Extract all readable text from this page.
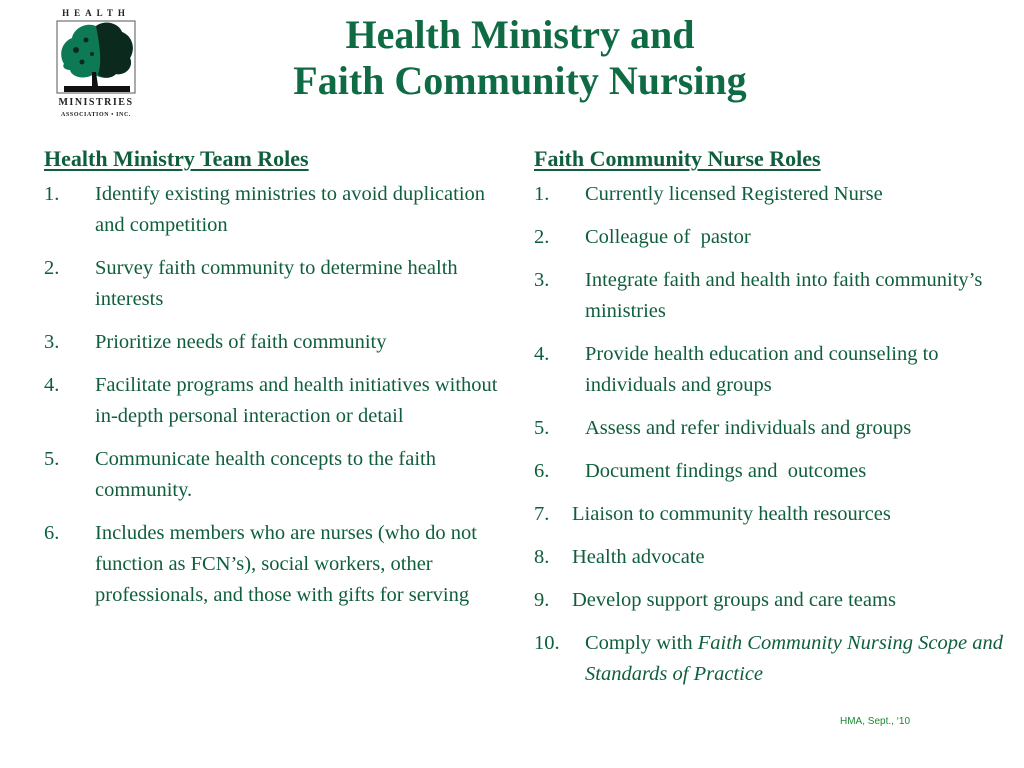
HEALTH
MINISTRIES
ASSOCIATION • INC.
Health Ministry and
Faith Community Nursing
Health Ministry Team Roles
1.	Identify existing ministries to avoid duplication and competition
2.	Survey faith community to determine health interests
3.	Prioritize needs of faith community
4.	Facilitate programs and health initiatives without in-depth personal interaction or detail
5.	Communicate health concepts to the faith community.
6.	Includes members who are nurses (who do not function as FCN’s), social workers, other professionals, and those with gifts for serving
Faith Community Nurse Roles
1.	Currently licensed Registered Nurse
2.	Colleague of  pastor
3.	Integrate faith and health into faith community’s ministries
4.	Provide health education and counseling to individuals and groups
5.	Assess and refer individuals and groups
6.	Document findings and  outcomes
7.	Liaison to community health resources
8.	Health advocate
9.	Develop support groups and care teams
10.	Comply with Faith Community Nursing Scope and Standards of Practice
HMA, Sept., ‘10
